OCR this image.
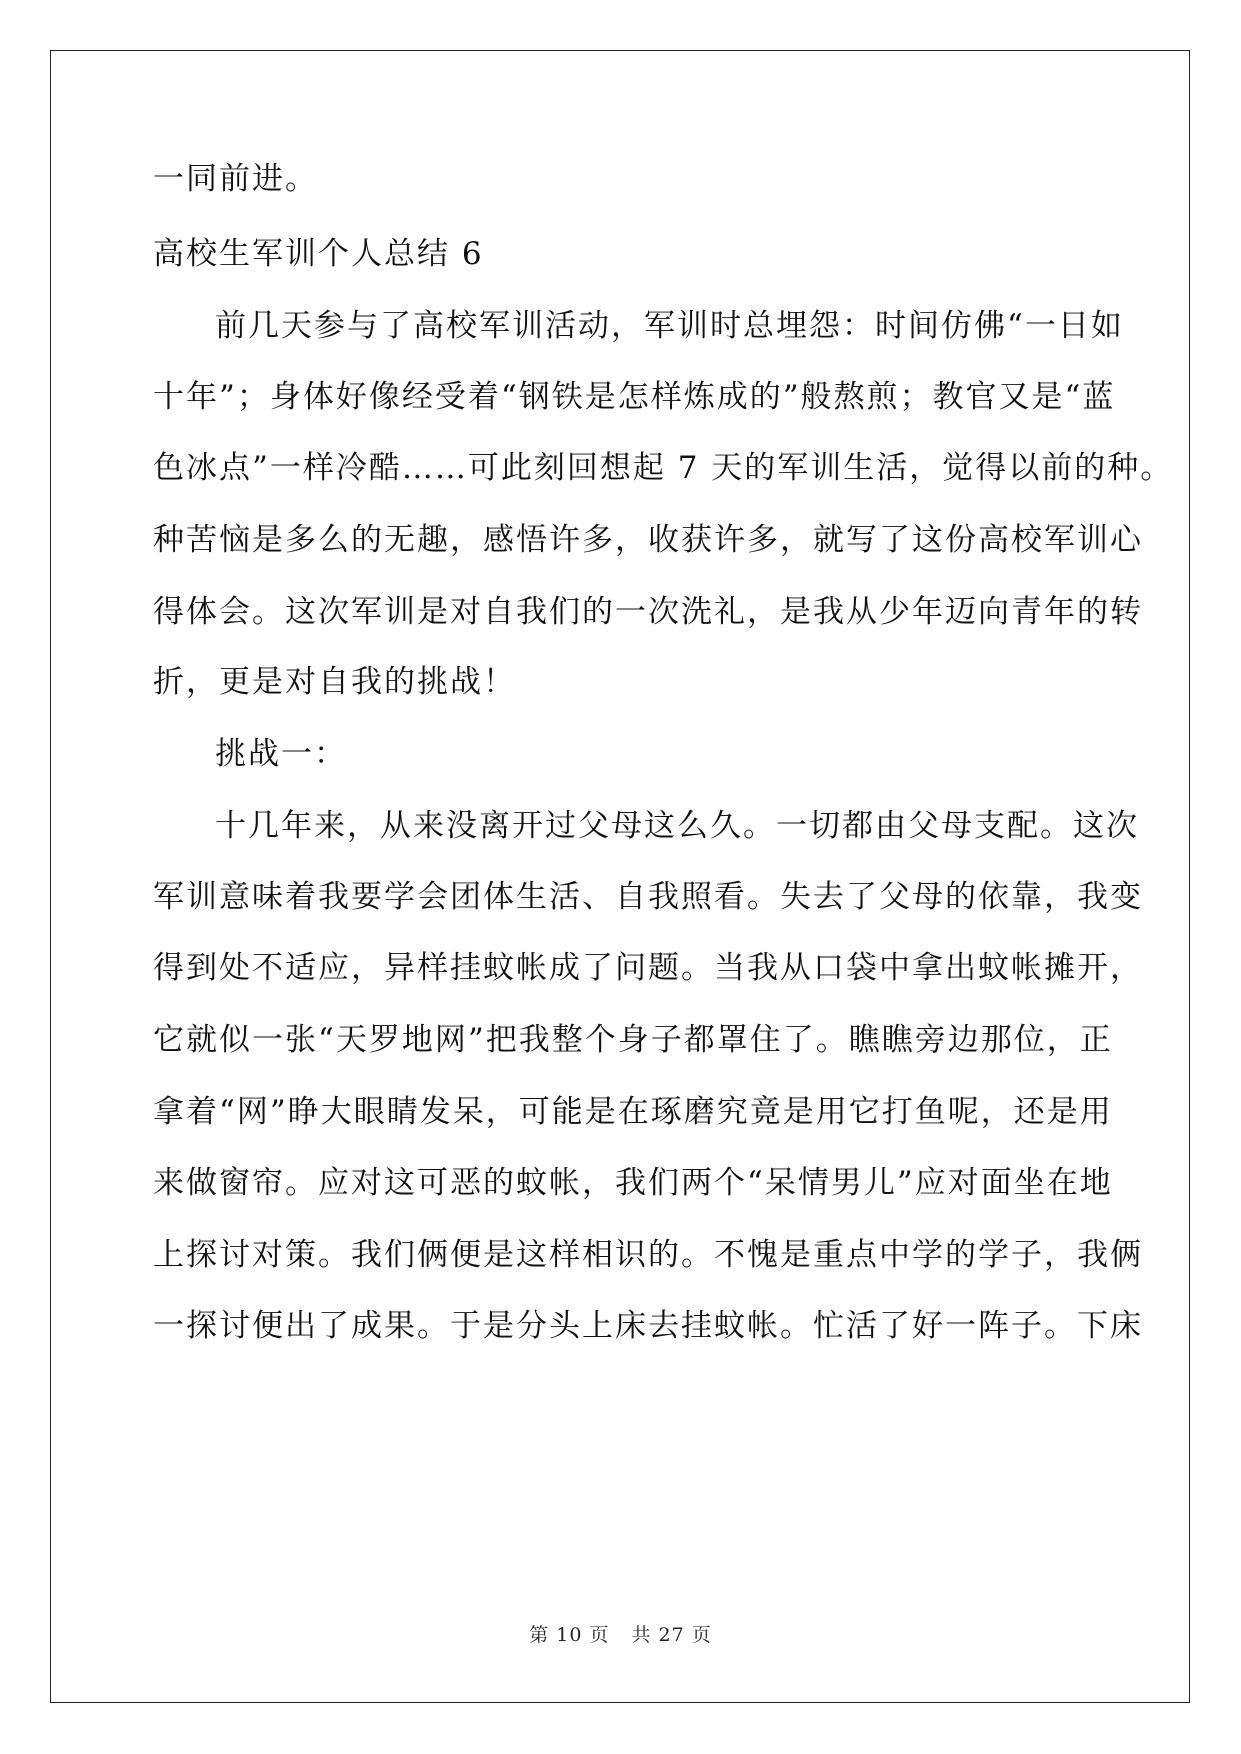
一同前进。
高校生军训个人总结 6
前几天参与了高校军训活动，军训时总埋怨：时间仿佛“一日如
十年”；身体好像经受着“钢铁是怎样炼成的”般熬煎；教官又是“蓝
色冰点”一样冷酷……可此刻回想起 7 天的军训生活，觉得以前的种。
种苦恼是多么的无趣，感悟许多，收获许多，就写了这份高校军训心
得体会。这次军训是对自我们的一次洗礼，是我从少年迈向青年的转
折，更是对自我的挑战！
挑战一：
十几年来，从来没离开过父母这么久。一切都由父母支配。这次
军训意味着我要学会团体生活、自我照看。失去了父母的依靠，我变
得到处不适应，异样挂蚊帐成了问题。当我从口袋中拿出蚊帐摊开，
它就似一张“天罗地网”把我整个身子都罩住了。瞧瞧旁边那位，正
拿着“网”睁大眼睛发呆，可能是在琢磨究竟是用它打鱼呢，还是用
来做窗帘。应对这可恶的蚊帐，我们两个“呆情男儿”应对面坐在地
上探讨对策。我们俩便是这样相识的。不愧是重点中学的学子，我俩
一探讨便出了成果。于是分头上床去挂蚊帐。忙活了好一阵子。下床
第 10 页 共 27 页
